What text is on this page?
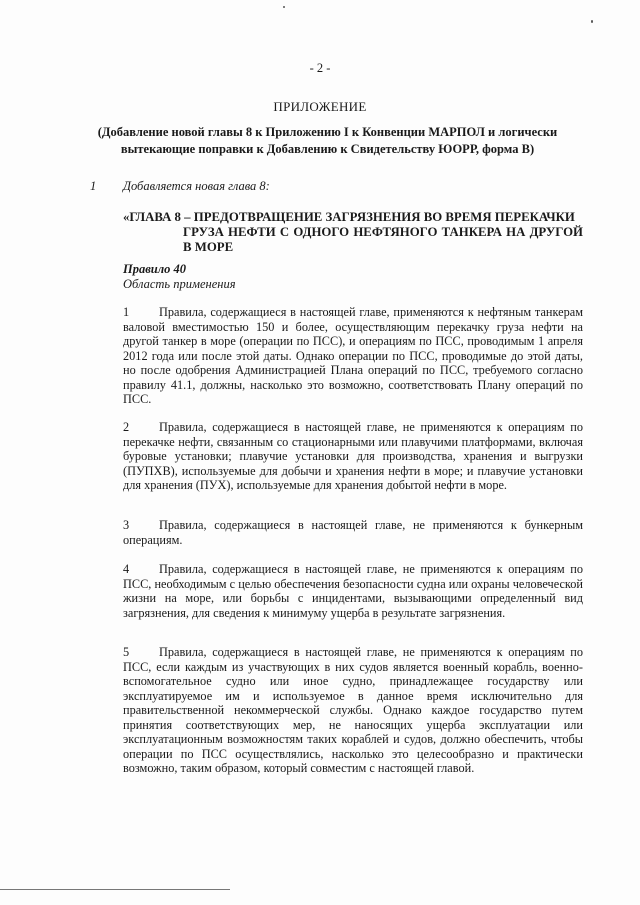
- 2 -
ПРИЛОЖЕНИЕ
(Добавление новой главы 8 к Приложению I к Конвенции МАРПОЛ и логически вытекающие поправки к Добавлению к Свидетельству ЮОРР, форма В)
1 Добавляется новая глава 8:
«ГЛАВА 8 – ПРЕДОТВРАЩЕНИЕ ЗАГРЯЗНЕНИЯ ВО ВРЕМЯ ПЕРЕКАЧКИ
ГРУЗА НЕФТИ С ОДНОГО НЕФТЯНОГО ТАНКЕРА НА ДРУГОЙ В МОРЕ
Правило 40
Область применения
1 Правила, содержащиеся в настоящей главе, применяются к нефтяным танкерам валовой вместимостью 150 и более, осуществляющим перекачку груза нефти на другой танкер в море (операции по ПСС), и операциям по ПСС, проводимым 1 апреля 2012 года или после этой даты. Однако операции по ПСС, проводимые до этой даты, но после одобрения Администрацией Плана операций по ПСС, требуемого согласно правилу 41.1, должны, насколько это возможно, соответствовать Плану операций по ПСС.
2 Правила, содержащиеся в настоящей главе, не применяются к операциям по перекачке нефти, связанным со стационарными или плавучими платформами, включая буровые установки; плавучие установки для производства, хранения и выгрузки (ПУПХВ), используемые для добычи и хранения нефти в море; и плавучие установки для хранения (ПУХ), используемые для хранения добытой нефти в море.
3 Правила, содержащиеся в настоящей главе, не применяются к бункерным операциям.
4 Правила, содержащиеся в настоящей главе, не применяются к операциям по ПСС, необходимым с целью обеспечения безопасности судна или охраны человеческой жизни на море, или борьбы с инцидентами, вызывающими определенный вид загрязнения, для сведения к минимуму ущерба в результате загрязнения.
5 Правила, содержащиеся в настоящей главе, не применяются к операциям по ПСС, если каждым из участвующих в них судов является военный корабль, военно-вспомогательное судно или иное судно, принадлежащее государству или эксплуатируемое им и используемое в данное время исключительно для правительственной некоммерческой службы. Однако каждое государство путем принятия соответствующих мер, не наносящих ущерба эксплуатации или эксплуатационным возможностям таких кораблей и судов, должно обеспечить, чтобы операции по ПСС осуществлялись, насколько это целесообразно и практически возможно, таким образом, который совместим с настоящей главой.
